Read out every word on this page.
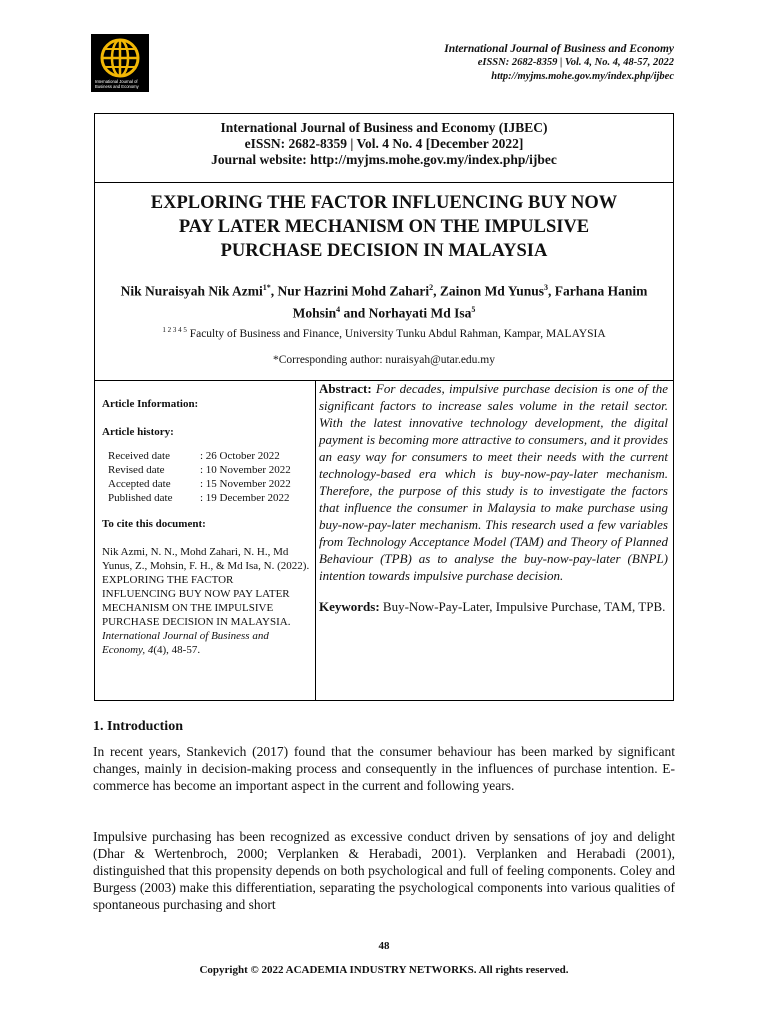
International Journal of
Business and Economy
International Journal of Business and Economy
eISSN: 2682-8359 | Vol. 4, No. 4, 48-57, 2022
http://myjms.mohe.gov.my/index.php/ijbec
International Journal of Business and Economy (IJBEC)
eISSN: 2682-8359 | Vol. 4 No. 4 [December 2022]
Journal website: http://myjms.mohe.gov.my/index.php/ijbec
EXPLORING THE FACTOR INFLUENCING BUY NOW
PAY LATER MECHANISM ON THE IMPULSIVE
PURCHASE DECISION IN MALAYSIA
Nik Nuraisyah Nik Azmi$^{1*}$, Nur Hazrini Mohd Zahari$^2$, Zainon Md Yunus$^3$, Farhana Hanim Mohsin$^4$ and Norhayati Md Isa$^5$
$^{1 2 3 4 5}$ Faculty of Business and Finance, University Tunku Abdul Rahman, Kampar, MALAYSIA
*Corresponding author: nuraisyah@utar.edu.my
Article Information:
Article history:
Received date	: 26 October 2022
Revised date	: 10 November 2022
Accepted date	: 15 November 2022
Published date	: 19 December 2022
To cite this document:
Nik Azmi, N. N., Mohd Zahari, N. H., Md Yunus, Z., Mohsin, F. H., & Md Isa, N. (2022). EXPLORING THE FACTOR INFLUENCING BUY NOW PAY LATER MECHANISM ON THE IMPULSIVE PURCHASE DECISION IN MALAYSIA. International Journal of Business and Economy, 4(4), 48-57.
Abstract: For decades, impulsive purchase decision is one of the significant factors to increase sales volume in the retail sector. With the latest innovative technology development, the digital payment is becoming more attractive to consumers, and it provides an easy way for consumers to meet their needs with the current technology-based era which is buy-now-pay-later mechanism. Therefore, the purpose of this study is to investigate the factors that influence the consumer in Malaysia to make purchase using buy-now-pay-later mechanism. This research used a few variables from Technology Acceptance Model (TAM) and Theory of Planned Behaviour (TPB) as to analyse the buy-now-pay-later (BNPL) intention towards impulsive purchase decision.
Keywords: Buy-Now-Pay-Later, Impulsive Purchase, TAM, TPB.
1. Introduction
In recent years, Stankevich (2017) found that the consumer behaviour has been marked by significant changes, mainly in decision-making process and consequently in the influences of purchase intention. E-commerce has become an important aspect in the current and following years.
Impulsive purchasing has been recognized as excessive conduct driven by sensations of joy and delight (Dhar & Wertenbroch, 2000; Verplanken & Herabadi, 2001). Verplanken and Herabadi (2001), distinguished that this propensity depends on both psychological and full of feeling components. Coley and Burgess (2003) make this differentiation, separating the psychological components into various qualities of spontaneous purchasing and short
48
Copyright © 2022 ACADEMIA INDUSTRY NETWORKS. All rights reserved.
